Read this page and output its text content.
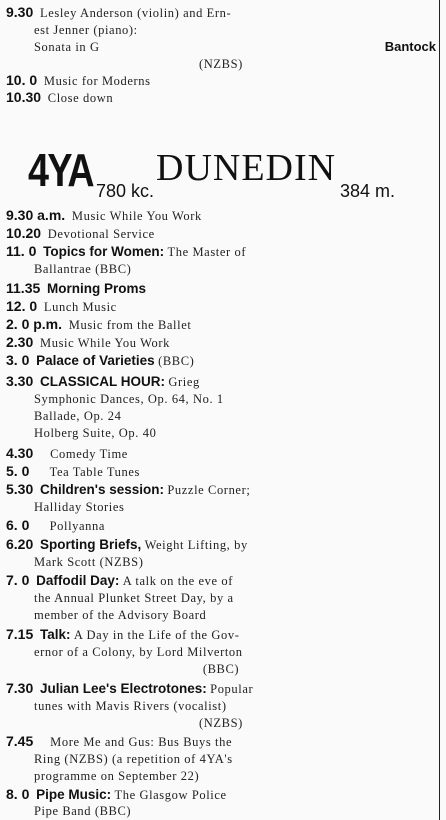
9.30 Lesley Anderson (violin) and Ern-
est Jenner (piano):
Sonata in G	Bantock
(NZBS)
10. 0 Music for Moderns
10.30 Close down
4YA DUNEDIN
780 kc.	384 m.
9.30 a.m. Music While You Work
10.20 Devotional Service
11. 0 Topics for Women: The Master of
Ballantrae (BBC)
11.35 Morning Proms
12. 0 Lunch Music
2. 0 p.m. Music from the Ballet
2.30 Music While You Work
3. 0 Palace of Varieties (BBC)
3.30 CLASSICAL HOUR: Grieg
Symphonic Dances, Op. 64, No. 1
Ballade, Op. 24
Holberg Suite, Op. 40
4.30 Comedy Time
5. 0 Tea Table Tunes
5.30 Children's session: Puzzle Corner;
Halliday Stories
6. 0 Pollyanna
6.20 Sporting Briefs, Weight Lifting, by
Mark Scott (NZBS)
7. 0 Daffodil Day: A talk on the eve of
the Annual Plunket Street Day, by a
member of the Advisory Board
7.15 Talk: A Day in the Life of the Gov-
ernor of a Colony, by Lord Milverton
(BBC)
7.30 Julian Lee's Electrotones: Popular
tunes with Mavis Rivers (vocalist)
(NZBS)
7.45 More Me and Gus: Bus Buys the
Ring (NZBS) (a repetition of 4YA's
programme on September 22)
8. 0 Pipe Music: The Glasgow Police
Pipe Band (BBC)
